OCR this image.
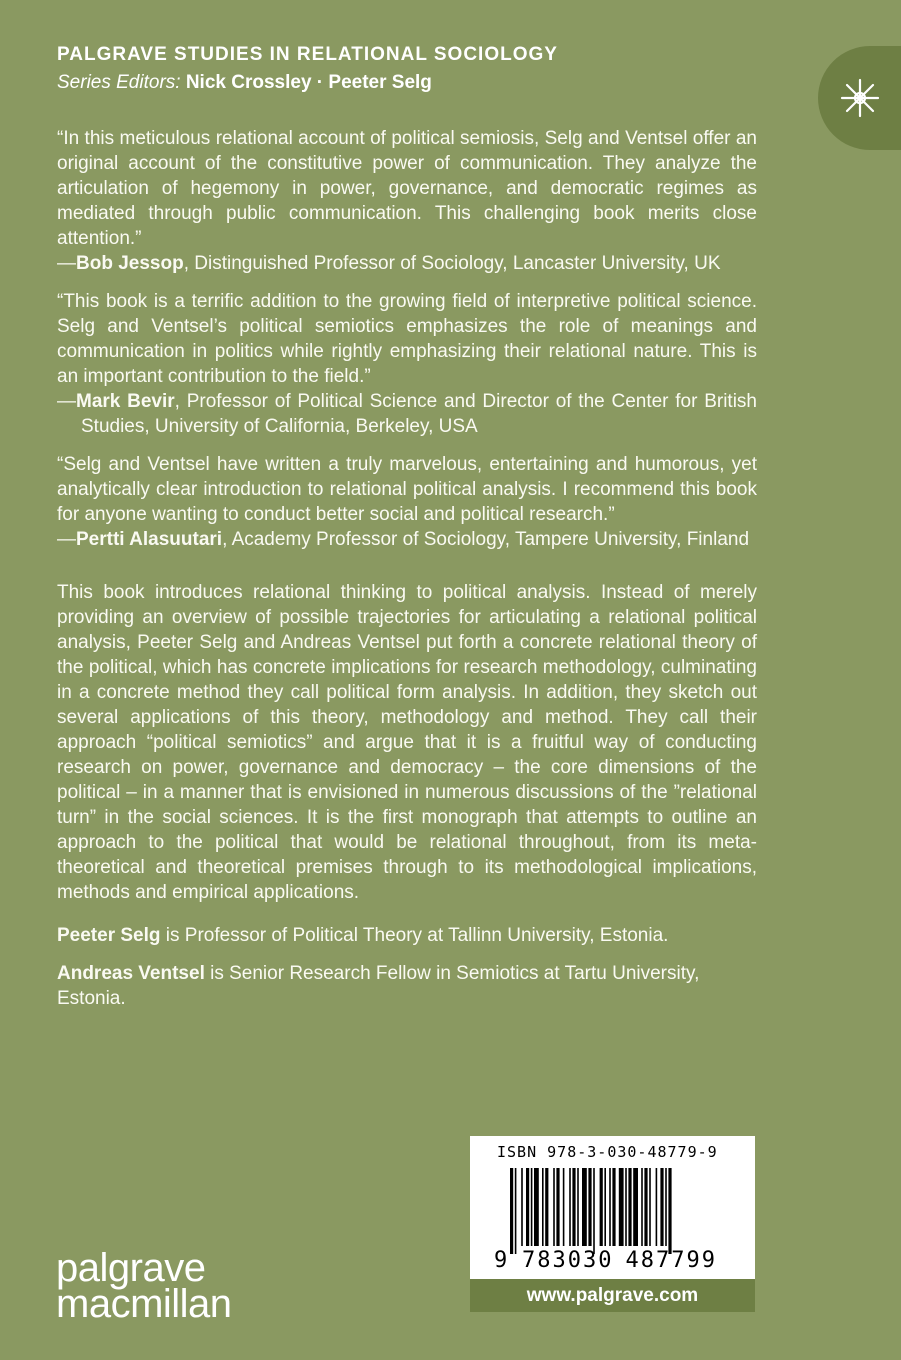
PALGRAVE STUDIES IN RELATIONAL SOCIOLOGY
Series Editors: Nick Crossley · Peeter Selg

“In this meticulous relational account of political semiosis, Selg and Ventsel offer an original account of the constitutive power of communication. They analyze the articulation of hegemony in power, governance, and democratic regimes as mediated through public communication. This challenging book merits close attention.”

—Bob Jessop, Distinguished Professor of Sociology, Lancaster University, UK

“This book is a terrific addition to the growing field of interpretive political science. Selg and Ventsel’s political semiotics emphasizes the role of meanings and communication in politics while rightly emphasizing their relational nature. This is an important contribution to the field.”

—Mark Bevir, Professor of Political Science and Director of the Center for British Studies, University of California, Berkeley, USA

“Selg and Ventsel have written a truly marvelous, entertaining and humorous, yet analytically clear introduction to relational political analysis. I recommend this book for anyone wanting to conduct better social and political research.”

—Pertti Alasuutari, Academy Professor of Sociology, Tampere University, Finland

This book introduces relational thinking to political analysis. Instead of merely providing an overview of possible trajectories for articulating a relational political analysis, Peeter Selg and Andreas Ventsel put forth a concrete relational theory of the political, which has concrete implications for research methodology, culminating in a concrete method they call political form analysis. In addition, they sketch out several applications of this theory, methodology and method. They call their approach “political semiotics” and argue that it is a fruitful way of conducting research on power, governance and democracy – the core dimensions of the political – in a manner that is envisioned in numerous discussions of the ”relational turn” in the social sciences. It is the first monograph that attempts to outline an approach to the political that would be relational throughout, from its meta-theoretical and theoretical premises through to its methodological implications, methods and empirical applications.

Peeter Selg is Professor of Political Theory at Tallinn University, Estonia.

Andreas Ventsel is Senior Research Fellow in Semiotics at Tartu University, Estonia.

palgrave
macmillan
ISBN 978-3-030-48779-9
9 783030 487799
www.palgrave.com
